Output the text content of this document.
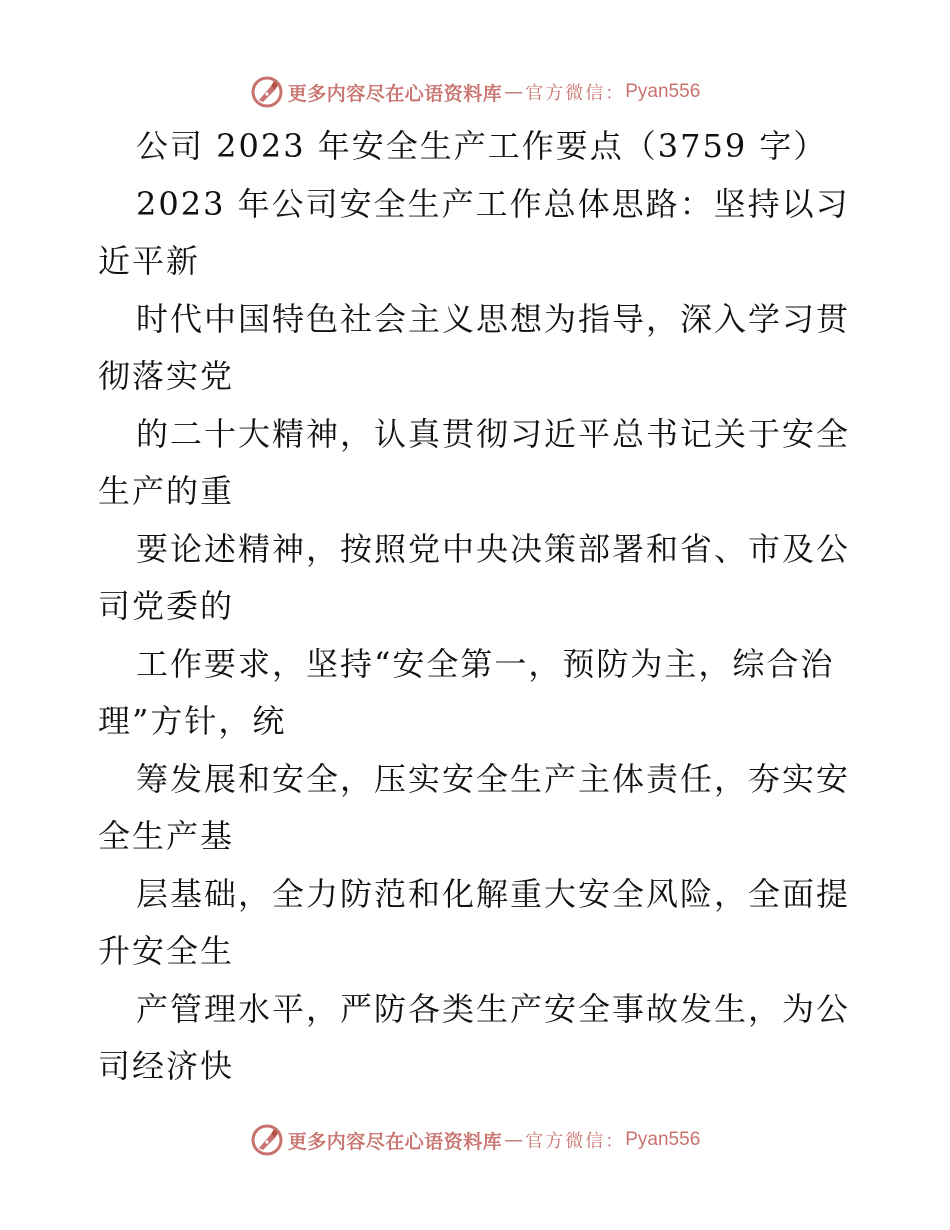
更多内容尽在心语资料库 — 官方微信： Pyan556

公司 2023 年安全生产工作要点（3759 字）

2023 年公司安全生产工作总体思路：坚持以习

近平新

时代中国特色社会主义思想为指导，深入学习贯

彻落实党

的二十大精神，认真贯彻习近平总书记关于安全

生产的重

要论述精神，按照党中央决策部署和省、市及公

司党委的

工作要求，坚持“安全第一，预防为主，综合治

理”方针，统

筹发展和安全，压实安全生产主体责任，夯实安

全生产基

层基础，全力防范和化解重大安全风险，全面提

升安全生

产管理水平，严防各类生产安全事故发生，为公

司经济快

更多内容尽在心语资料库 — 官方微信： Pyan556
